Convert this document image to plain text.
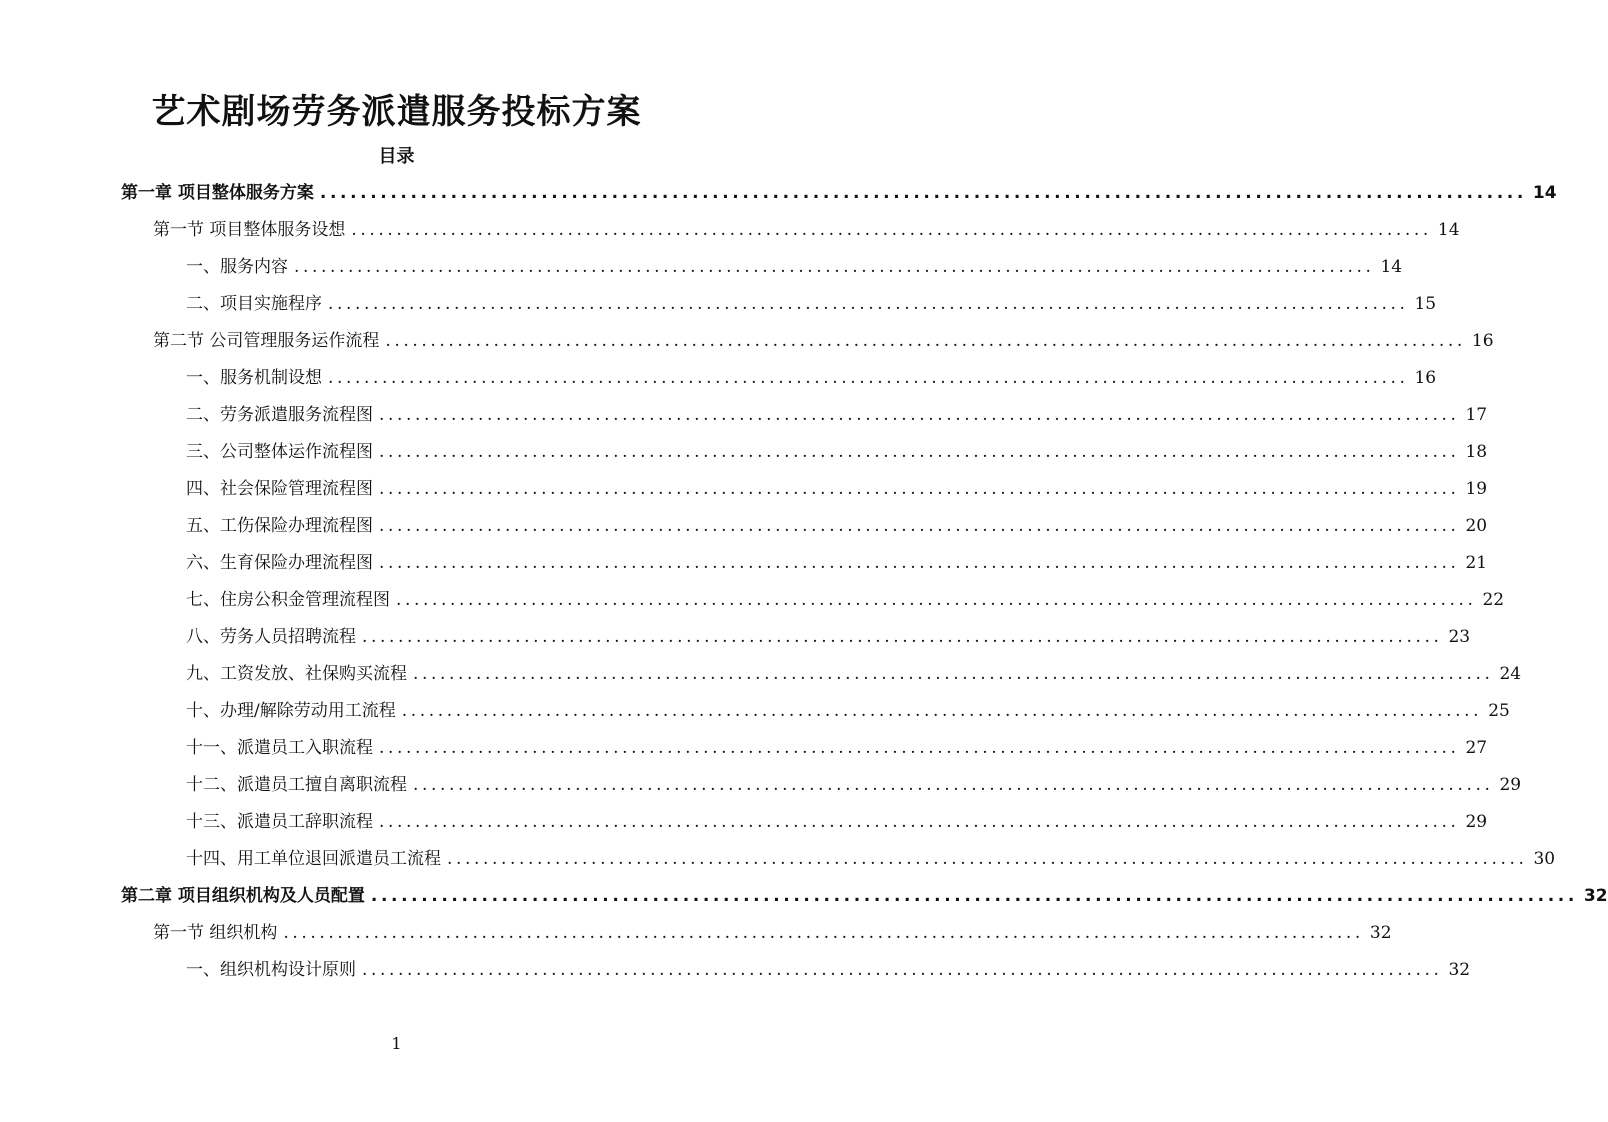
艺术剧场劳务派遣服务投标方案
目录
第一章 项目整体服务方案 ........................................................................................................................ 14
第一节 项目整体服务设想 ........................................................................................................................ 14
一、服务内容 ........................................................................................................................ 14
二、项目实施程序 ........................................................................................................................ 15
第二节 公司管理服务运作流程 ........................................................................................................................ 16
一、服务机制设想 ........................................................................................................................ 16
二、劳务派遣服务流程图 ........................................................................................................................ 17
三、公司整体运作流程图 ........................................................................................................................ 18
四、社会保险管理流程图 ........................................................................................................................ 19
五、工伤保险办理流程图 ........................................................................................................................ 20
六、生育保险办理流程图 ........................................................................................................................ 21
七、住房公积金管理流程图 ........................................................................................................................ 22
八、劳务人员招聘流程 ........................................................................................................................ 23
九、工资发放、社保购买流程 ........................................................................................................................ 24
十、办理/解除劳动用工流程 ........................................................................................................................ 25
十一、派遣员工入职流程 ........................................................................................................................ 27
十二、派遣员工擅自离职流程 ........................................................................................................................ 29
十三、派遣员工辞职流程 ........................................................................................................................ 29
十四、用工单位退回派遣员工流程 ........................................................................................................................ 30
第二章 项目组织机构及人员配置 ........................................................................................................................ 32
第一节 组织机构 ........................................................................................................................ 32
一、组织机构设计原则 ........................................................................................................................ 32
1
